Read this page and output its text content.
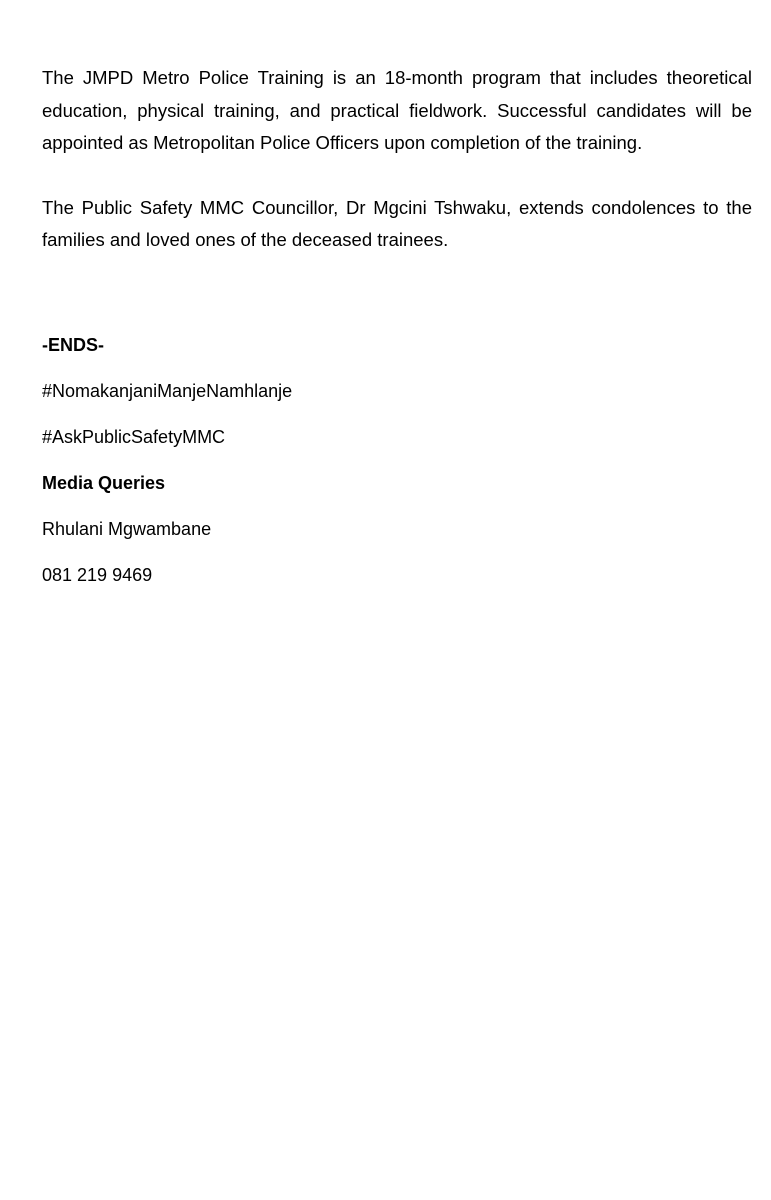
The JMPD Metro Police Training is an 18-month program that includes theoretical education, physical training, and practical fieldwork. Successful candidates will be appointed as Metropolitan Police Officers upon completion of the training.

The Public Safety MMC Councillor, Dr Mgcini Tshwaku, extends condolences to the families and loved ones of the deceased trainees.

-ENDS-
#NomakanjaniManjeNamhlanje
#AskPublicSafetyMMC
Media Queries
Rhulani Mgwambane
081 219 9469
